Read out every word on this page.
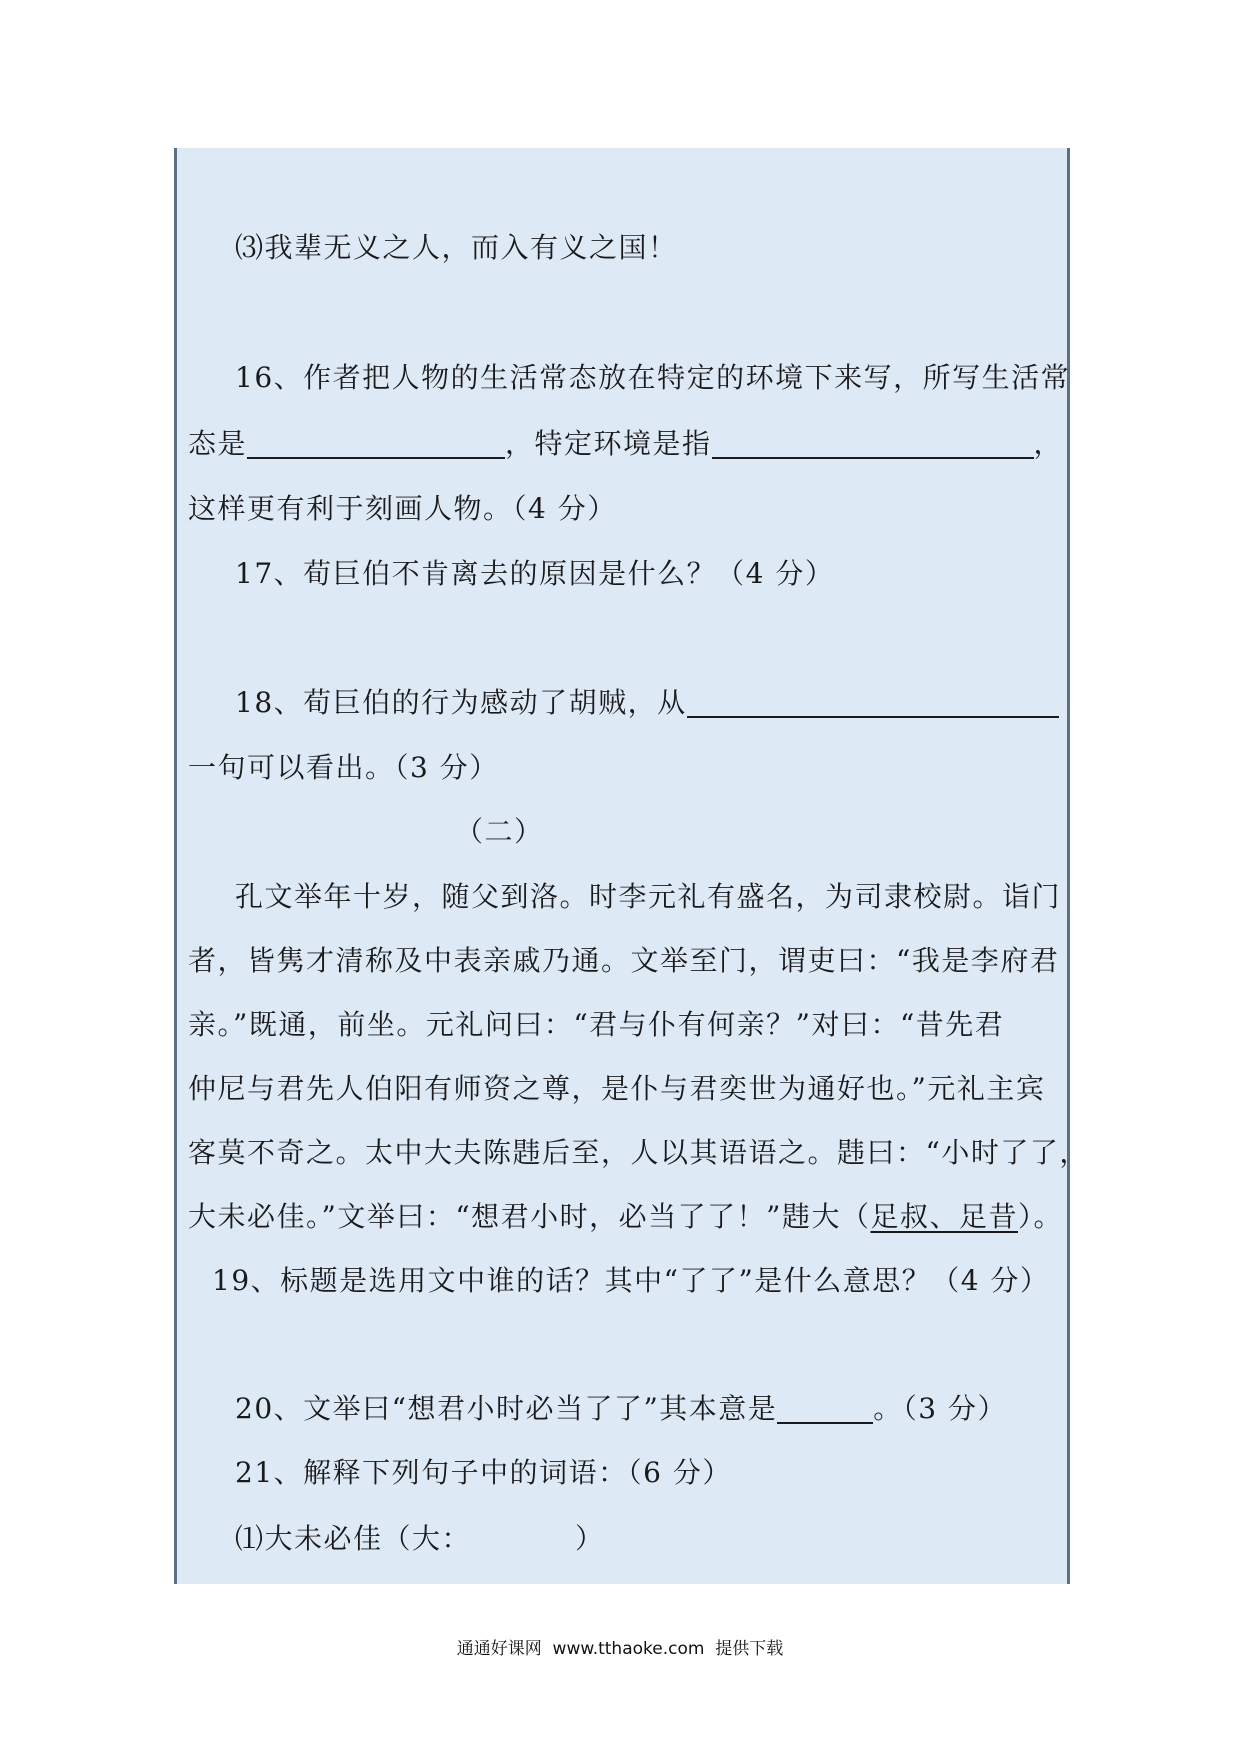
⑶我辈无义之人，而入有义之国！
16、作者把人物的生活常态放在特定的环境下来写，所写生活常
态是	，特定环境是指	，
这样更有利于刻画人物。（4 分）
17、荀巨伯不肯离去的原因是什么？（4 分）
18、荀巨伯的行为感动了胡贼，从
一句可以看出。（3 分）
（二）
孔文举年十岁，随父到洛。时李元礼有盛名，为司隶校尉。诣门
者，皆隽才清称及中表亲戚乃通。文举至门，谓吏曰：“我是李府君
亲。”既通，前坐。元礼问曰：“君与仆有何亲？”对曰：“昔先君
仲尼与君先人伯阳有师资之尊，是仆与君奕世为通好也。”元礼主宾
客莫不奇之。太中大夫陈韪后至，人以其语语之。韪曰：“小时了了，
大未必佳。”文举曰：“想君小时，必当了了！”韪大（足叔、足昔）。
19、标题是选用文中谁的话？其中“了了”是什么意思？（4 分）
20、文举曰“想君小时必当了了”其本意是	。（3 分）
21、解释下列句子中的词语：（6 分）
⑴大未必佳（大：          ）
通通好课网  www.tthaoke.com  提供下载
